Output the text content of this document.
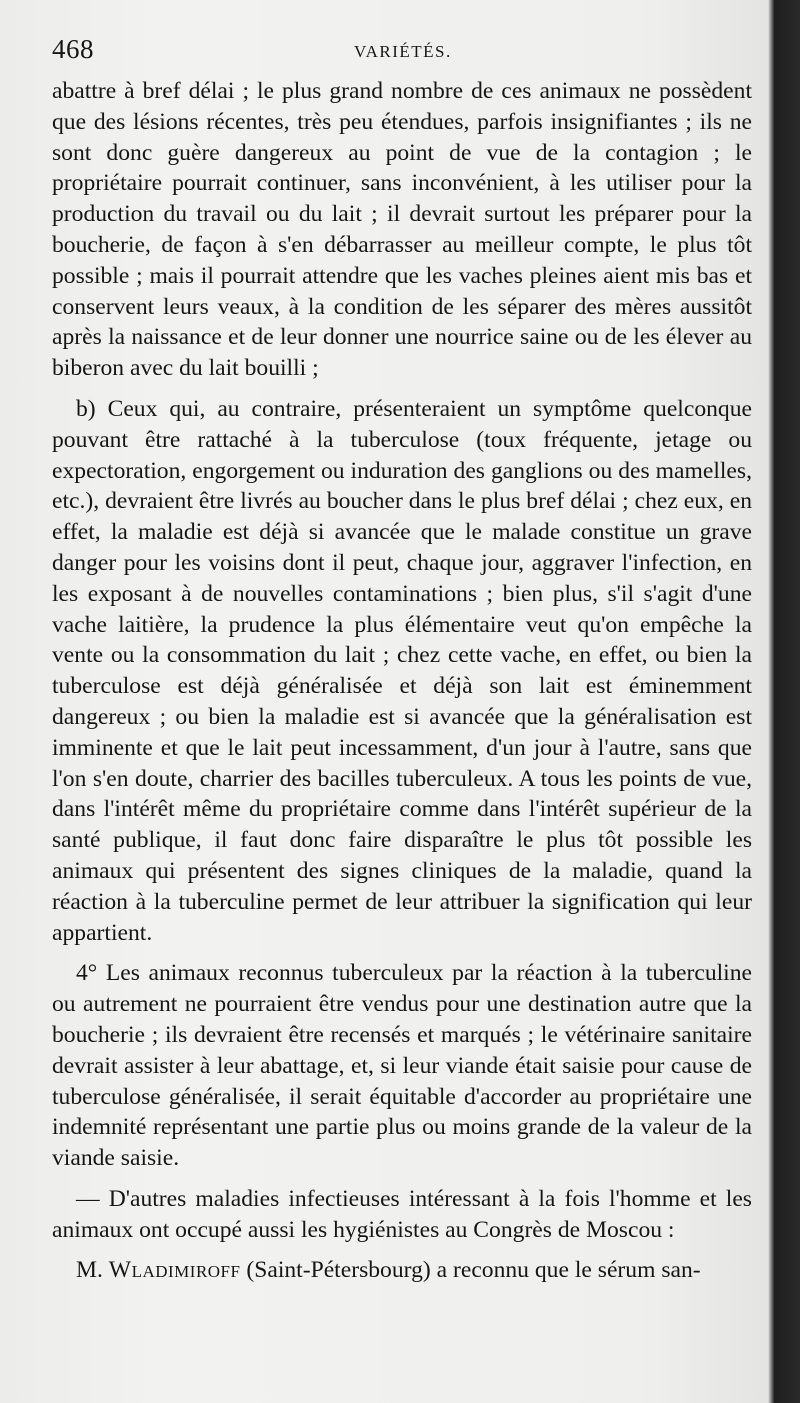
468	VARIÉTÉS.

abattre à bref délai ; le plus grand nombre de ces animaux ne possèdent que des lésions récentes, très peu étendues, parfois insignifiantes ; ils ne sont donc guère dangereux au point de vue de la contagion ; le propriétaire pourrait continuer, sans inconvénient, à les utiliser pour la production du travail ou du lait ; il devrait surtout les préparer pour la boucherie, de façon à s'en débarrasser au meilleur compte, le plus tôt possible ; mais il pourrait attendre que les vaches pleines aient mis bas et conservent leurs veaux, à la condition de les séparer des mères aussitôt après la naissance et de leur donner une nourrice saine ou de les élever au biberon avec du lait bouilli ;

b) Ceux qui, au contraire, présenteraient un symptôme quelconque pouvant être rattaché à la tuberculose (toux fréquente, jetage ou expectoration, engorgement ou induration des ganglions ou des mamelles, etc.), devraient être livrés au boucher dans le plus bref délai ; chez eux, en effet, la maladie est déjà si avancée que le malade constitue un grave danger pour les voisins dont il peut, chaque jour, aggraver l'infection, en les exposant à de nouvelles contaminations ; bien plus, s'il s'agit d'une vache laitière, la prudence la plus élémentaire veut qu'on empêche la vente ou la consommation du lait ; chez cette vache, en effet, ou bien la tuberculose est déjà généralisée et déjà son lait est éminemment dangereux ; ou bien la maladie est si avancée que la généralisation est imminente et que le lait peut incessamment, d'un jour à l'autre, sans que l'on s'en doute, charrier des bacilles tuberculeux. A tous les points de vue, dans l'intérêt même du propriétaire comme dans l'intérêt supérieur de la santé publique, il faut donc faire disparaître le plus tôt possible les animaux qui présentent des signes cliniques de la maladie, quand la réaction à la tuberculine permet de leur attribuer la signification qui leur appartient.

4° Les animaux reconnus tuberculeux par la réaction à la tuberculine ou autrement ne pourraient être vendus pour une destination autre que la boucherie ; ils devraient être recensés et marqués ; le vétérinaire sanitaire devrait assister à leur abattage, et, si leur viande était saisie pour cause de tuberculose généralisée, il serait équitable d'accorder au propriétaire une indemnité représentant une partie plus ou moins grande de la valeur de la viande saisie.

— D'autres maladies infectieuses intéressant à la fois l'homme et les animaux ont occupé aussi les hygiénistes au Congrès de Moscou :

M. Wladimiroff (Saint-Pétersbourg) a reconnu que le sérum san-
